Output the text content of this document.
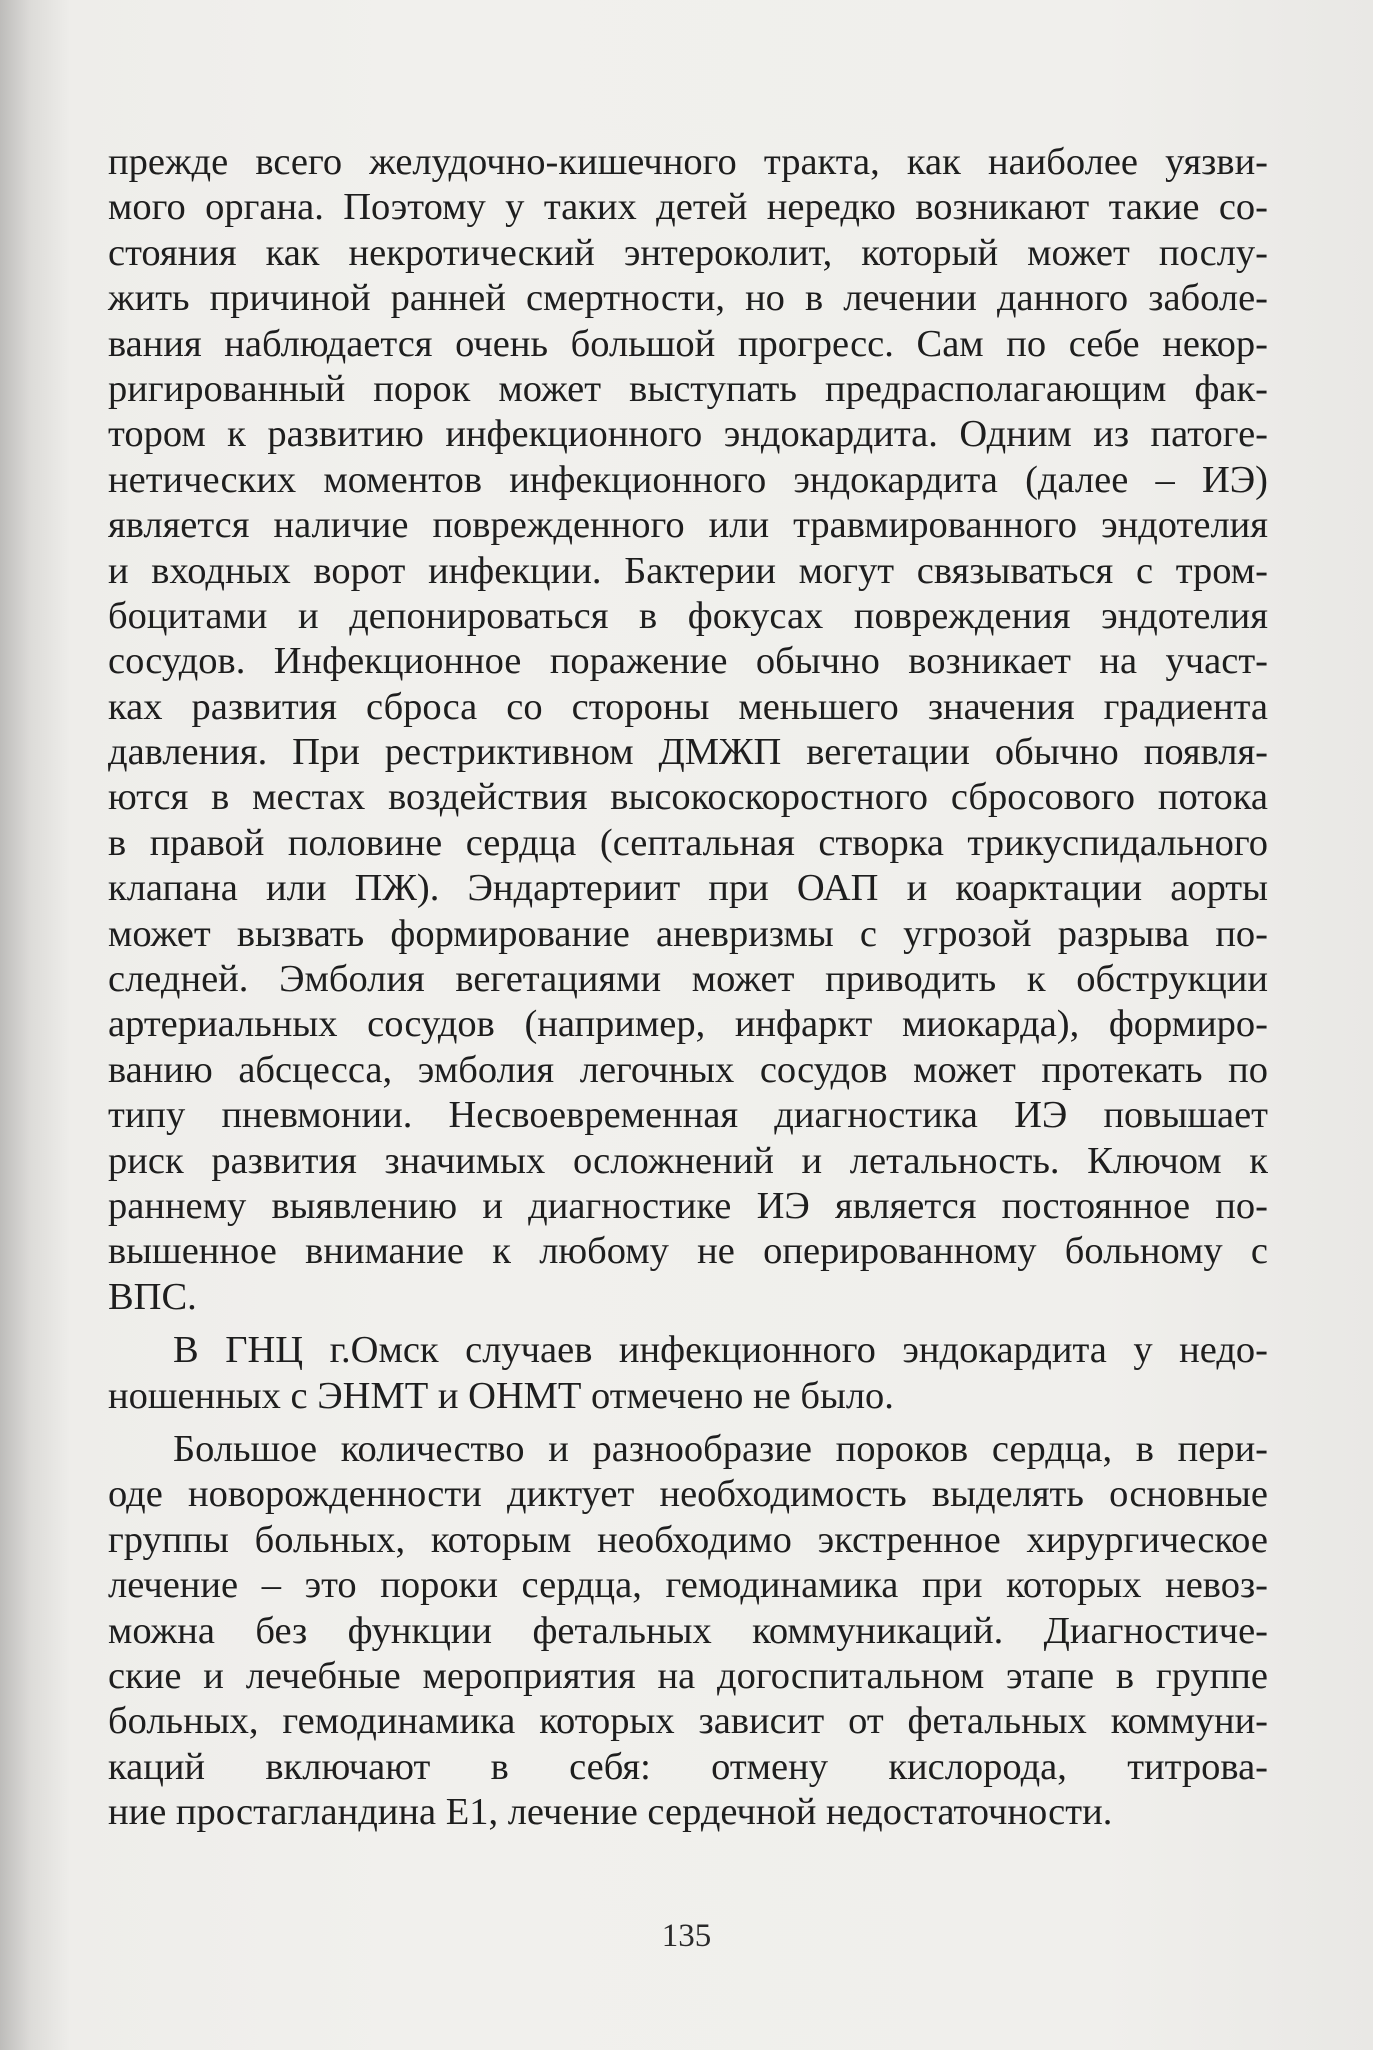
прежде всего желудочно-кишечного тракта, как наиболее уязви-
мого органа. Поэтому у таких детей нередко возникают такие со-
стояния как некротический энтероколит, который может послу-
жить причиной ранней смертности, но в лечении данного заболе-
вания наблюдается очень большой прогресс. Сам по себе некор-
ригированный порок может выступать предрасполагающим фак-
тором к развитию инфекционного эндокардита. Одним из патоге-
нетических моментов инфекционного эндокардита (далее – ИЭ)
является наличие поврежденного или травмированного эндотелия
и входных ворот инфекции. Бактерии могут связываться с тром-
боцитами и депонироваться в фокусах повреждения эндотелия
сосудов. Инфекционное поражение обычно возникает на участ-
ках развития сброса со стороны меньшего значения градиента
давления. При рестриктивном ДМЖП вегетации обычно появля-
ются в местах воздействия высокоскоростного сбросового потока
в правой половине сердца (септальная створка трикуспидального
клапана или ПЖ). Эндартериит при ОАП и коарктации аорты
может вызвать формирование аневризмы с угрозой разрыва по-
следней. Эмболия вегетациями может приводить к обструкции
артериальных сосудов (например, инфаркт миокарда), формиро-
ванию абсцесса, эмболия легочных сосудов может протекать по
типу пневмонии. Несвоевременная диагностика ИЭ повышает
риск развития значимых осложнений и летальность. Ключом к
раннему выявлению и диагностике ИЭ является постоянное по-
вышенное внимание к любому не оперированному больному с
ВПС.
В ГНЦ г.Омск случаев инфекционного эндокардита у недо-
ношенных с ЭНМТ и ОНМТ отмечено не было.
Большое количество и разнообразие пороков сердца, в пери-
оде новорожденности диктует необходимость выделять основные
группы больных, которым необходимо экстренное хирургическое
лечение – это пороки сердца, гемодинамика при которых невоз-
можна без функции фетальных коммуникаций. Диагностиче-
ские и лечебные мероприятия на догоспитальном этапе в группе
больных, гемодинамика которых зависит от фетальных коммуни-
каций включают в себя: отмену кислорода, титрова-
ние простагландина Е1, лечение сердечной недостаточности.
135
